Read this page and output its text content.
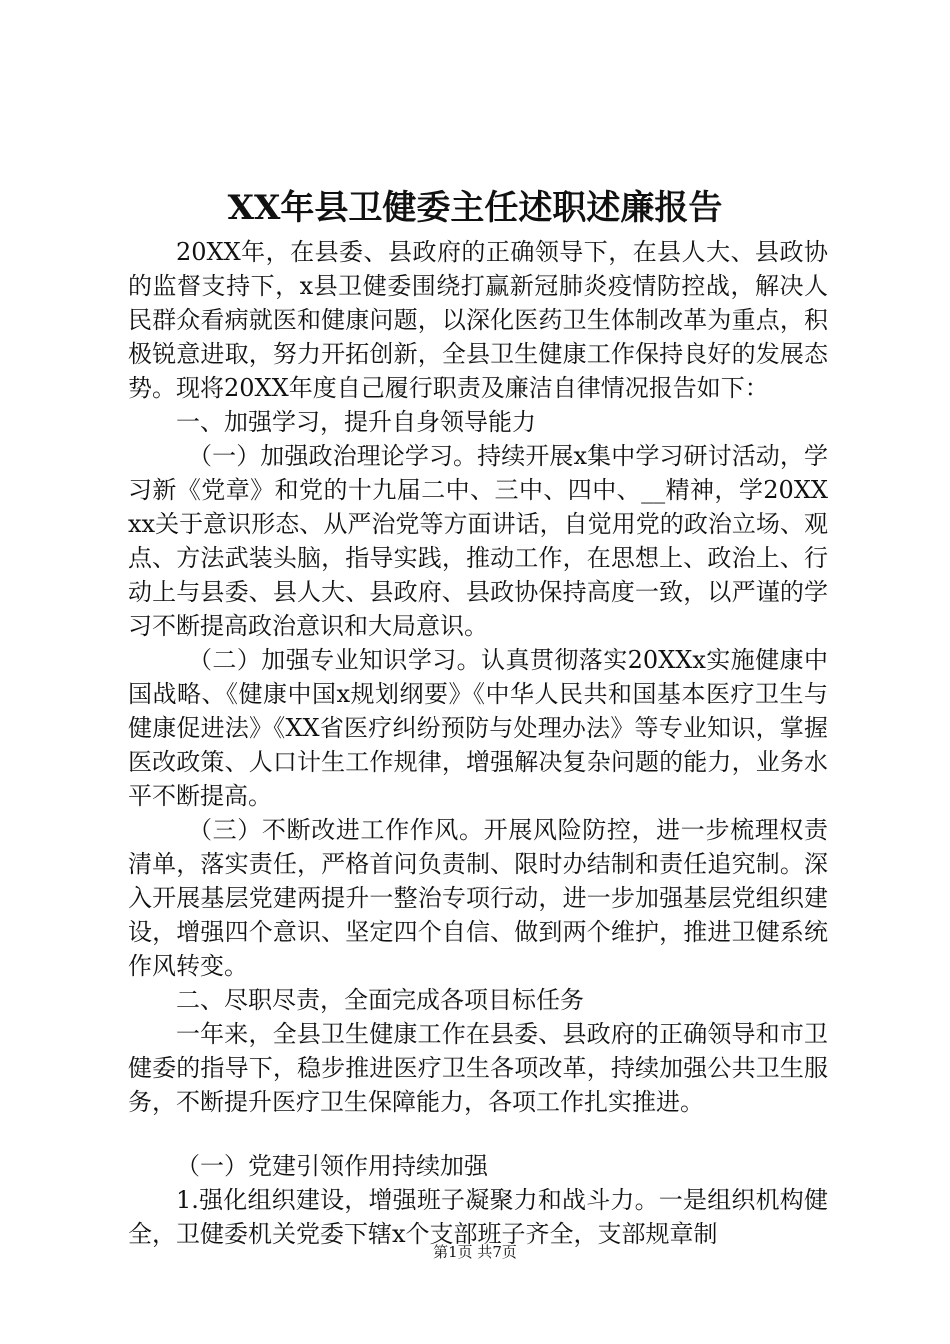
XX年县卫健委主任述职述廉报告

20XX年，在县委、县政府的正确领导下，在县人大、县政协的监督支持下，x县卫健委围绕打赢新冠肺炎疫情防控战，解决人民群众看病就医和健康问题，以深化医药卫生体制改革为重点，积极锐意进取，努力开拓创新，全县卫生健康工作保持良好的发展态势。现将20XX年度自己履行职责及廉洁自律情况报告如下：

一、加强学习，提升自身领导能力

（一）加强政治理论学习。持续开展x集中学习研讨活动，学习新《党章》和党的十九届二中、三中、四中、__精神，学20XXxx关于意识形态、从严治党等方面讲话，自觉用党的政治立场、观点、方法武装头脑，指导实践，推动工作，在思想上、政治上、行动上与县委、县人大、县政府、县政协保持高度一致，以严谨的学习不断提高政治意识和大局意识。

（二）加强专业知识学习。认真贯彻落实20XXx实施健康中国战略、《健康中国x规划纲要》《中华人民共和国基本医疗卫生与健康促进法》《XX省医疗纠纷预防与处理办法》等专业知识，掌握医改政策、人口计生工作规律，增强解决复杂问题的能力，业务水平不断提高。

（三）不断改进工作作风。开展风险防控，进一步梳理权责清单，落实责任，严格首问负责制、限时办结制和责任追究制。深入开展基层党建两提升一整治专项行动，进一步加强基层党组织建设，增强四个意识、坚定四个自信、做到两个维护，推进卫健系统作风转变。

二、尽职尽责，全面完成各项目标任务

一年来，全县卫生健康工作在县委、县政府的正确领导和市卫健委的指导下，稳步推进医疗卫生各项改革，持续加强公共卫生服务，不断提升医疗卫生保障能力，各项工作扎实推进。

（一）党建引领作用持续加强

1.强化组织建设，增强班子凝聚力和战斗力。一是组织机构健全，卫健委机关党委下辖x个支部班子齐全，支部规章制

第1页 共7页
